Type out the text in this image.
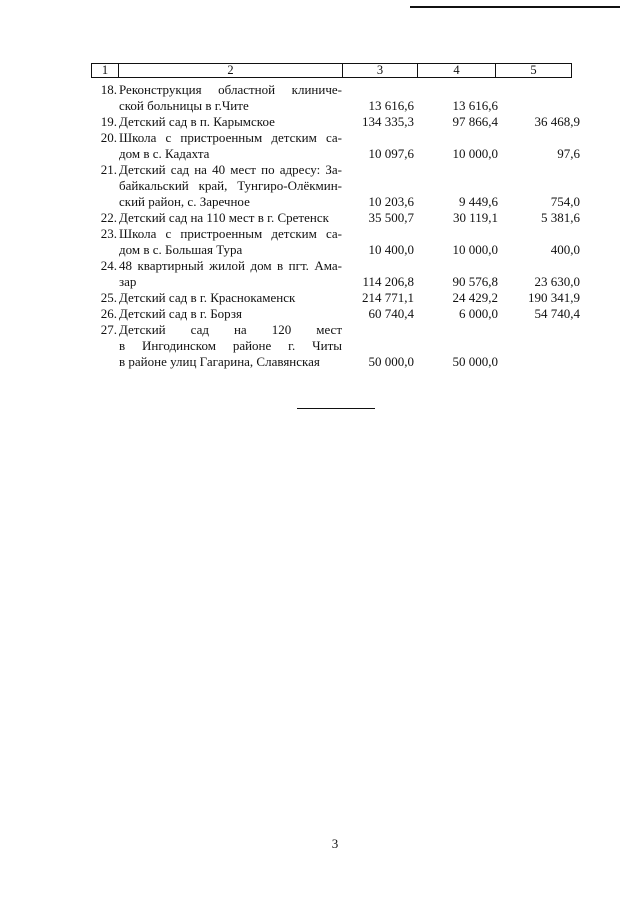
1	2	3	4	5
18. Реконструкция областной клиниче-
ской больницы в г.Чите	13 616,6	13 616,6
19. Детский сад в п. Карымское	134 335,3	97 866,4	36 468,9
20. Школа с пристроенным детским са-
дом в с. Кадахта	10 097,6	10 000,0	97,6
21. Детский сад на 40 мест по адресу: За-
байкальский край, Тунгиро-Олёкмин-
ский район, с. Заречное	10 203,6	9 449,6	754,0
22. Детский сад на 110 мест в г. Сретенск	35 500,7	30 119,1	5 381,6
23. Школа с пристроенным детским са-
дом в с. Большая Тура	10 400,0	10 000,0	400,0
24. 48 квартирный жилой дом в пгт. Ама-
зар	114 206,8	90 576,8	23 630,0
25. Детский сад в г. Краснокаменск	214 771,1	24 429,2	190 341,9
26. Детский сад в г. Борзя	60 740,4	6 000,0	54 740,4
27. Детский сад на 120 мест
в Ингодинском районе г. Читы
в районе улиц Гагарина, Славянская	50 000,0	50 000,0
3
